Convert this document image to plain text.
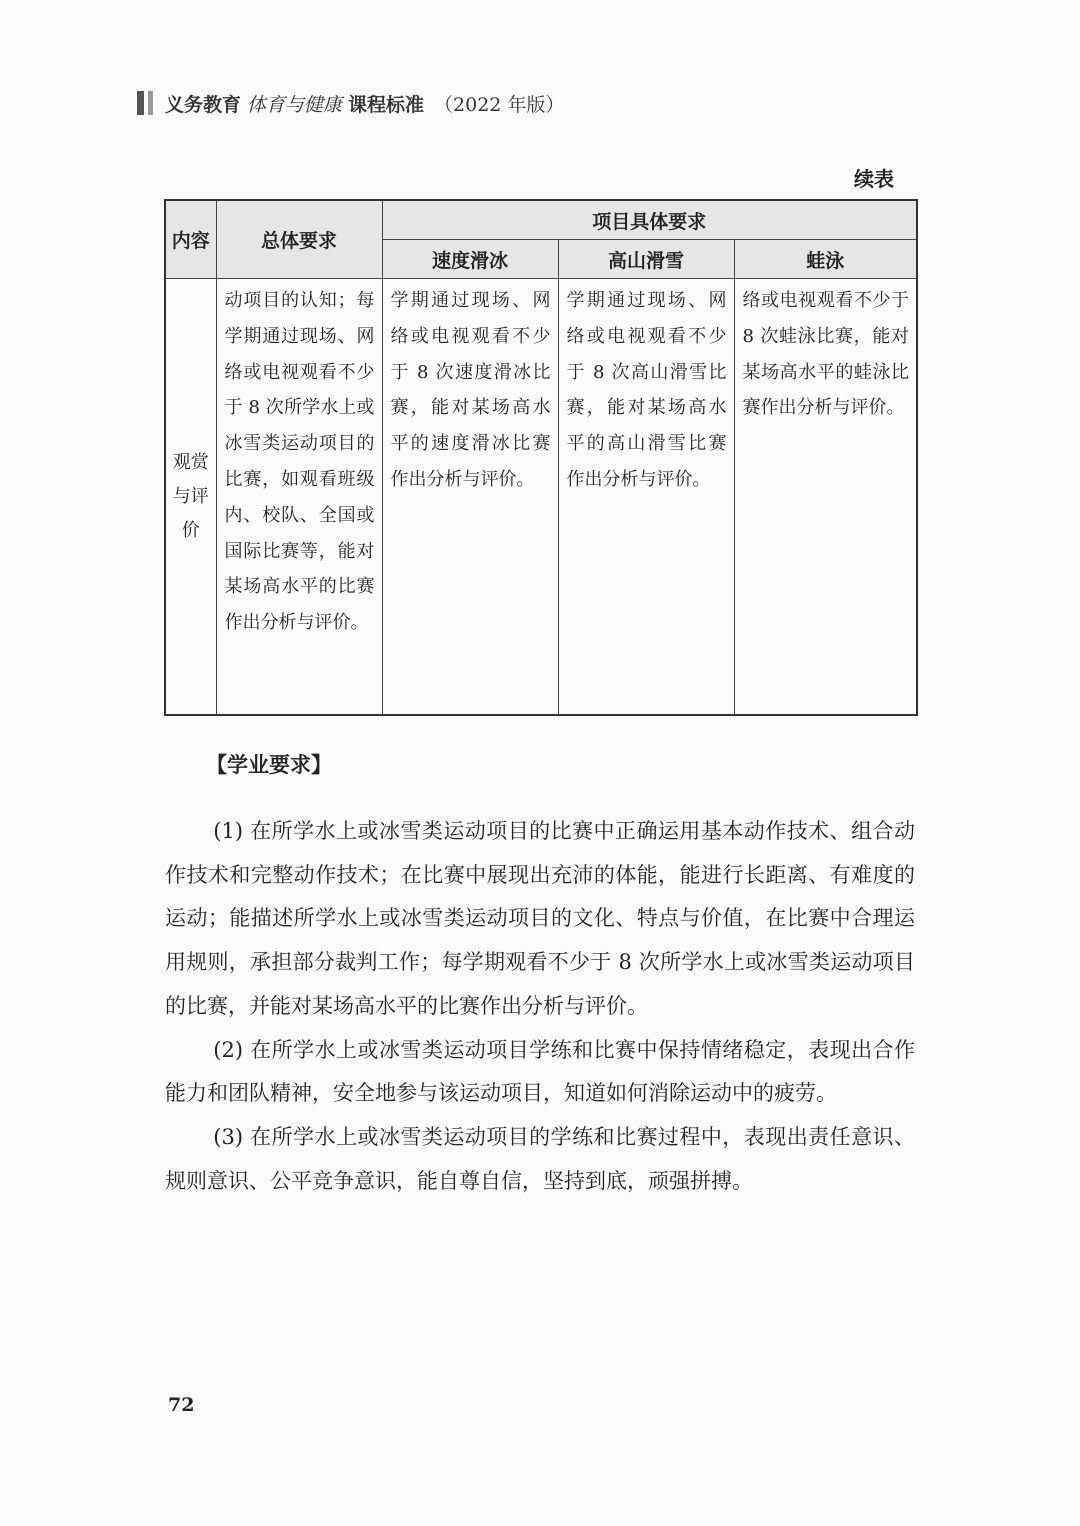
义务教育 体育与健康 课程标准 （2022 年版）
续表
内容	总体要求	项目具体要求		
		速度滑冰	高山滑雪	蛙泳
观赏与评价	动项目的认知；每学期通过现场、网络或电视观看不少于 8 次所学水上或冰雪类运动项目的比赛，如观看班级内、校队、全国或国际比赛等，能对某场高水平的比赛作出分析与评价。	学期通过现场、网络或电视观看不少于 8 次速度滑冰比赛，能对某场高水平的速度滑冰比赛作出分析与评价。	学期通过现场、网络或电视观看不少于 8 次高山滑雪比赛，能对某场高水平的高山滑雪比赛作出分析与评价。	络或电视观看不少于 8 次蛙泳比赛，能对某场高水平的蛙泳比赛作出分析与评价。
【学业要求】

(1) 在所学水上或冰雪类运动项目的比赛中正确运用基本动作技术、组合动作技术和完整动作技术；在比赛中展现出充沛的体能，能进行长距离、有难度的运动；能描述所学水上或冰雪类运动项目的文化、特点与价值，在比赛中合理运用规则，承担部分裁判工作；每学期观看不少于 8 次所学水上或冰雪类运动项目的比赛，并能对某场高水平的比赛作出分析与评价。

(2) 在所学水上或冰雪类运动项目学练和比赛中保持情绪稳定，表现出合作能力和团队精神，安全地参与该运动项目，知道如何消除运动中的疲劳。

(3) 在所学水上或冰雪类运动项目的学练和比赛过程中，表现出责任意识、规则意识、公平竞争意识，能自尊自信，坚持到底，顽强拼搏。

72
